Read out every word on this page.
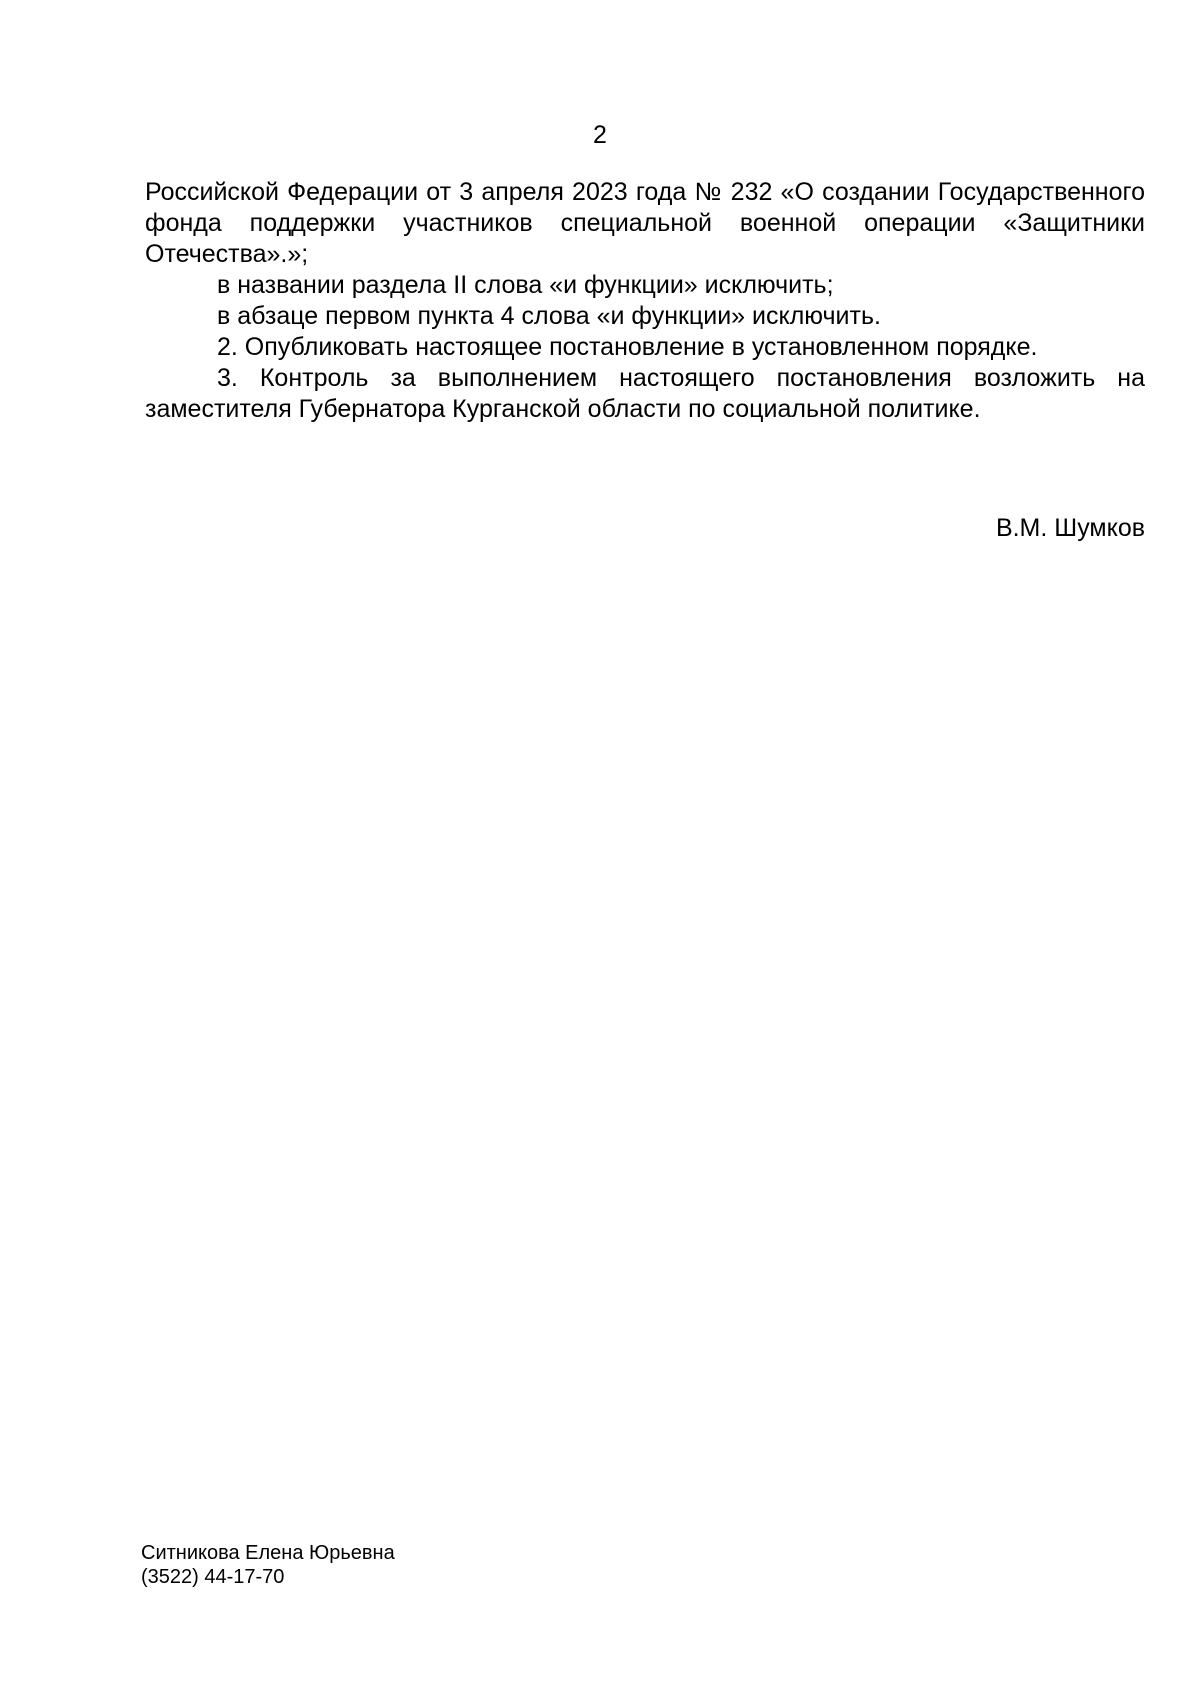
2

Российской Федерации от 3 апреля 2023 года № 232 «О создании Государственного фонда поддержки участников специальной военной операции «Защитники Отечества».»;

в названии раздела II слова «и функции» исключить;

в абзаце первом пункта 4 слова «и функции» исключить.

2. Опубликовать настоящее постановление в установленном порядке.

3. Контроль за выполнением настоящего постановления возложить на заместителя Губернатора Курганской области по социальной политике.

В.М. Шумков
Ситникова Елена Юрьевна
(3522) 44-17-70
